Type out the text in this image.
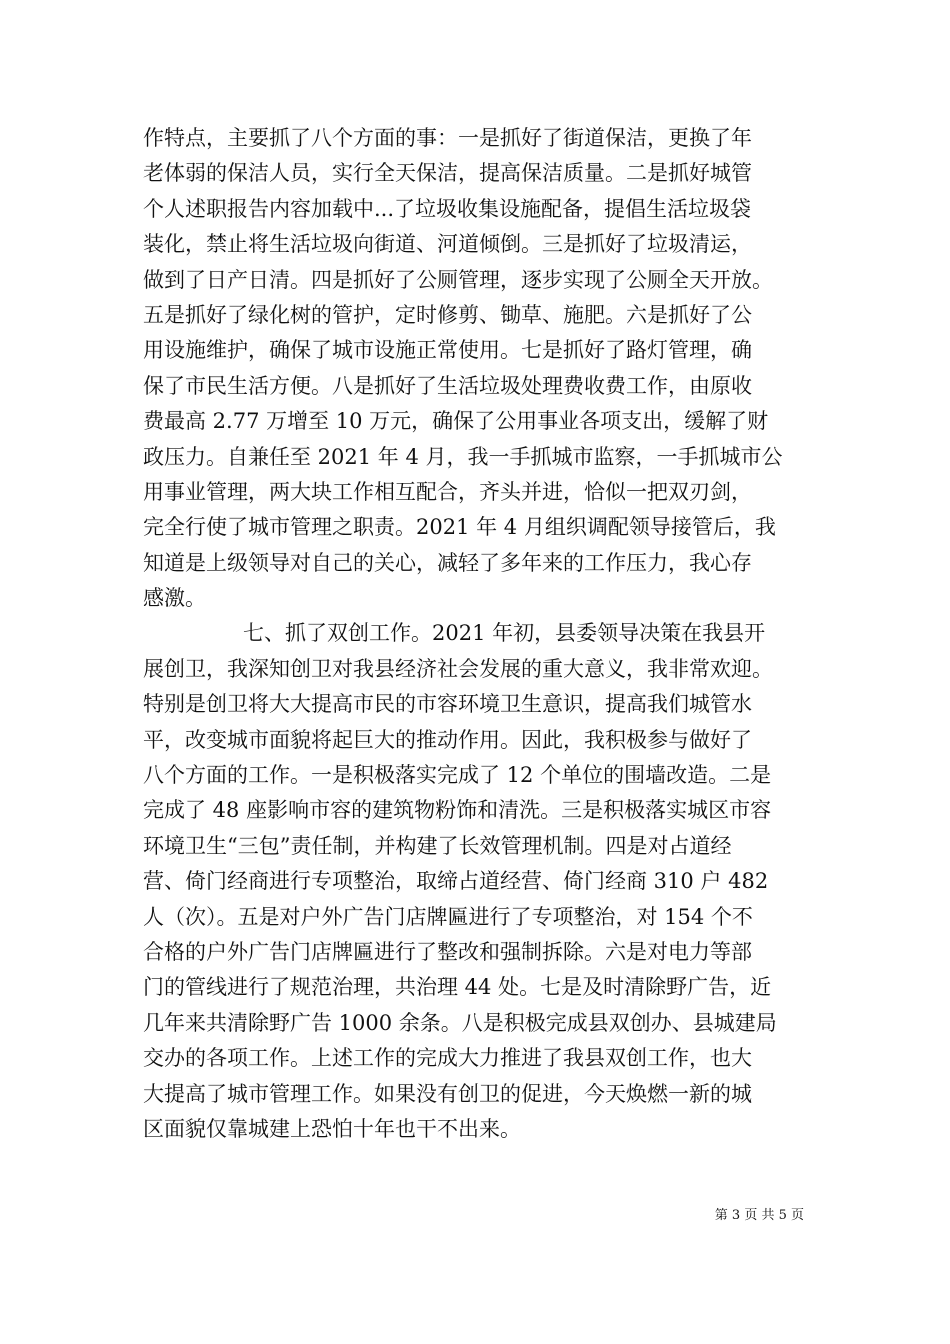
作特点，主要抓了八个方面的事：一是抓好了街道保洁，更换了年
老体弱的保洁人员，实行全天保洁，提高保洁质量。二是抓好城管
个人述职报告内容加载中...了垃圾收集设施配备，提倡生活垃圾袋
装化，禁止将生活垃圾向街道、河道倾倒。三是抓好了垃圾清运，
做到了日产日清。四是抓好了公厕管理，逐步实现了公厕全天开放。
五是抓好了绿化树的管护，定时修剪、锄草、施肥。六是抓好了公
用设施维护，确保了城市设施正常使用。七是抓好了路灯管理，确
保了市民生活方便。八是抓好了生活垃圾处理费收费工作，由原收
费最高 2.77 万增至 10 万元，确保了公用事业各项支出，缓解了财
政压力。自兼任至 2021 年 4 月，我一手抓城市监察，一手抓城市公
用事业管理，两大块工作相互配合，齐头并进，恰似一把双刃剑，
完全行使了城市管理之职责。2021 年 4 月组织调配领导接管后，我
知道是上级领导对自己的关心，减轻了多年来的工作压力，我心存
感激。
七、抓了双创工作。2021 年初，县委领导决策在我县开
展创卫，我深知创卫对我县经济社会发展的重大意义，我非常欢迎。
特别是创卫将大大提高市民的市容环境卫生意识，提高我们城管水
平，改变城市面貌将起巨大的推动作用。因此，我积极参与做好了
八个方面的工作。一是积极落实完成了 12 个单位的围墙改造。二是
完成了 48 座影响市容的建筑物粉饰和清洗。三是积极落实城区市容
环境卫生“三包”责任制，并构建了长效管理机制。四是对占道经
营、倚门经商进行专项整治，取缔占道经营、倚门经商 310 户 482
人（次）。五是对户外广告门店牌匾进行了专项整治，对 154 个不
合格的户外广告门店牌匾进行了整改和强制拆除。六是对电力等部
门的管线进行了规范治理，共治理 44 处。七是及时清除野广告，近
几年来共清除野广告 1000 余条。八是积极完成县双创办、县城建局
交办的各项工作。上述工作的完成大力推进了我县双创工作，也大
大提高了城市管理工作。如果没有创卫的促进，今天焕燃一新的城
区面貌仅靠城建上恐怕十年也干不出来。
第 3 页 共 5 页
